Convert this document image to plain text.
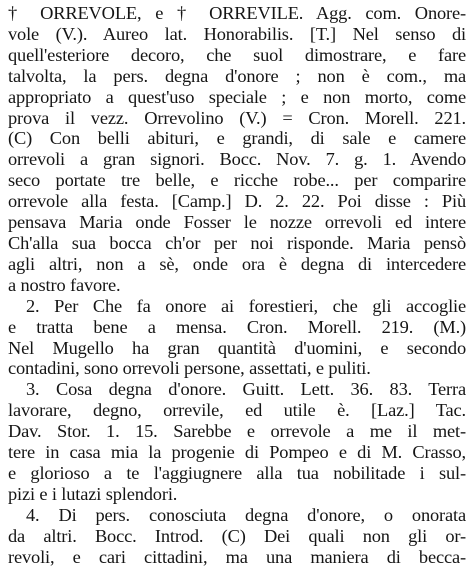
† ORREVOLE, e † ORREVILE. Agg. com. Onore-
vole (V.). Aureo lat. Honorabilis. [T.] Nel senso di
quell'esteriore decoro, che suol dimostrare, e fare
talvolta, la pers. degna d'onore ; non è com., ma
appropriato a quest'uso speciale ; e non morto, come
prova il vezz. Orrevolino (V.) = Cron. Morell. 221.
(C) Con belli abituri, e grandi, di sale e camere
orrevoli a gran signori. Bocc. Nov. 7. g. 1. Avendo
seco portate tre belle, e ricche robe... per comparire
orrevole alla festa. [Camp.] D. 2. 22. Poi disse : Più
pensava Maria onde Fosser le nozze orrevoli ed intere
Ch'alla sua bocca ch'or per noi risponde. Maria pensò
agli altri, non a sè, onde ora è degna di intercedere
a nostro favore.
2. Per Che fa onore ai forestieri, che gli accoglie
e tratta bene a mensa. Cron. Morell. 219. (M.)
Nel Mugello ha gran quantità d'uomini, e secondo
contadini, sono orrevoli persone, assettati, e puliti.
3. Cosa degna d'onore. Guitt. Lett. 36. 83. Terra
lavorare, degno, orrevile, ed utile è. [Laz.] Tac.
Dav. Stor. 1. 15. Sarebbe e orrevole a me il met-
tere in casa mia la progenie di Pompeo e di M. Crasso,
e glorioso a te l'aggiugnere alla tua nobilitade i sul-
pizi e i lutazi splendori.
4. Di pers. conosciuta degna d'onore, o onorata
da altri. Bocc. Introd. (C) Dei quali non gli or-
revoli, e cari cittadini, ma una maniera di becca-
